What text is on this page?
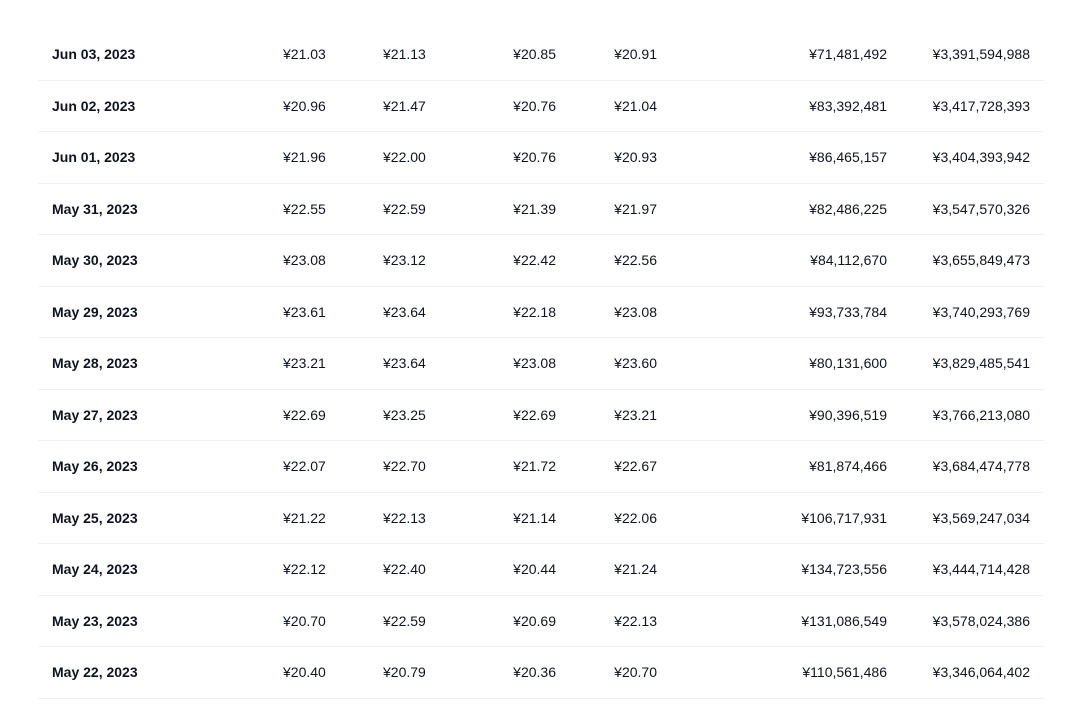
Jun 03, 2023	¥21.03	¥21.13	¥20.85	¥20.91	¥71,481,492	¥3,391,594,988
Jun 02, 2023	¥20.96	¥21.47	¥20.76	¥21.04	¥83,392,481	¥3,417,728,393
Jun 01, 2023	¥21.96	¥22.00	¥20.76	¥20.93	¥86,465,157	¥3,404,393,942
May 31, 2023	¥22.55	¥22.59	¥21.39	¥21.97	¥82,486,225	¥3,547,570,326
May 30, 2023	¥23.08	¥23.12	¥22.42	¥22.56	¥84,112,670	¥3,655,849,473
May 29, 2023	¥23.61	¥23.64	¥22.18	¥23.08	¥93,733,784	¥3,740,293,769
May 28, 2023	¥23.21	¥23.64	¥23.08	¥23.60	¥80,131,600	¥3,829,485,541
May 27, 2023	¥22.69	¥23.25	¥22.69	¥23.21	¥90,396,519	¥3,766,213,080
May 26, 2023	¥22.07	¥22.70	¥21.72	¥22.67	¥81,874,466	¥3,684,474,778
May 25, 2023	¥21.22	¥22.13	¥21.14	¥22.06	¥106,717,931	¥3,569,247,034
May 24, 2023	¥22.12	¥22.40	¥20.44	¥21.24	¥134,723,556	¥3,444,714,428
May 23, 2023	¥20.70	¥22.59	¥20.69	¥22.13	¥131,086,549	¥3,578,024,386
May 22, 2023	¥20.40	¥20.79	¥20.36	¥20.70	¥110,561,486	¥3,346,064,402
